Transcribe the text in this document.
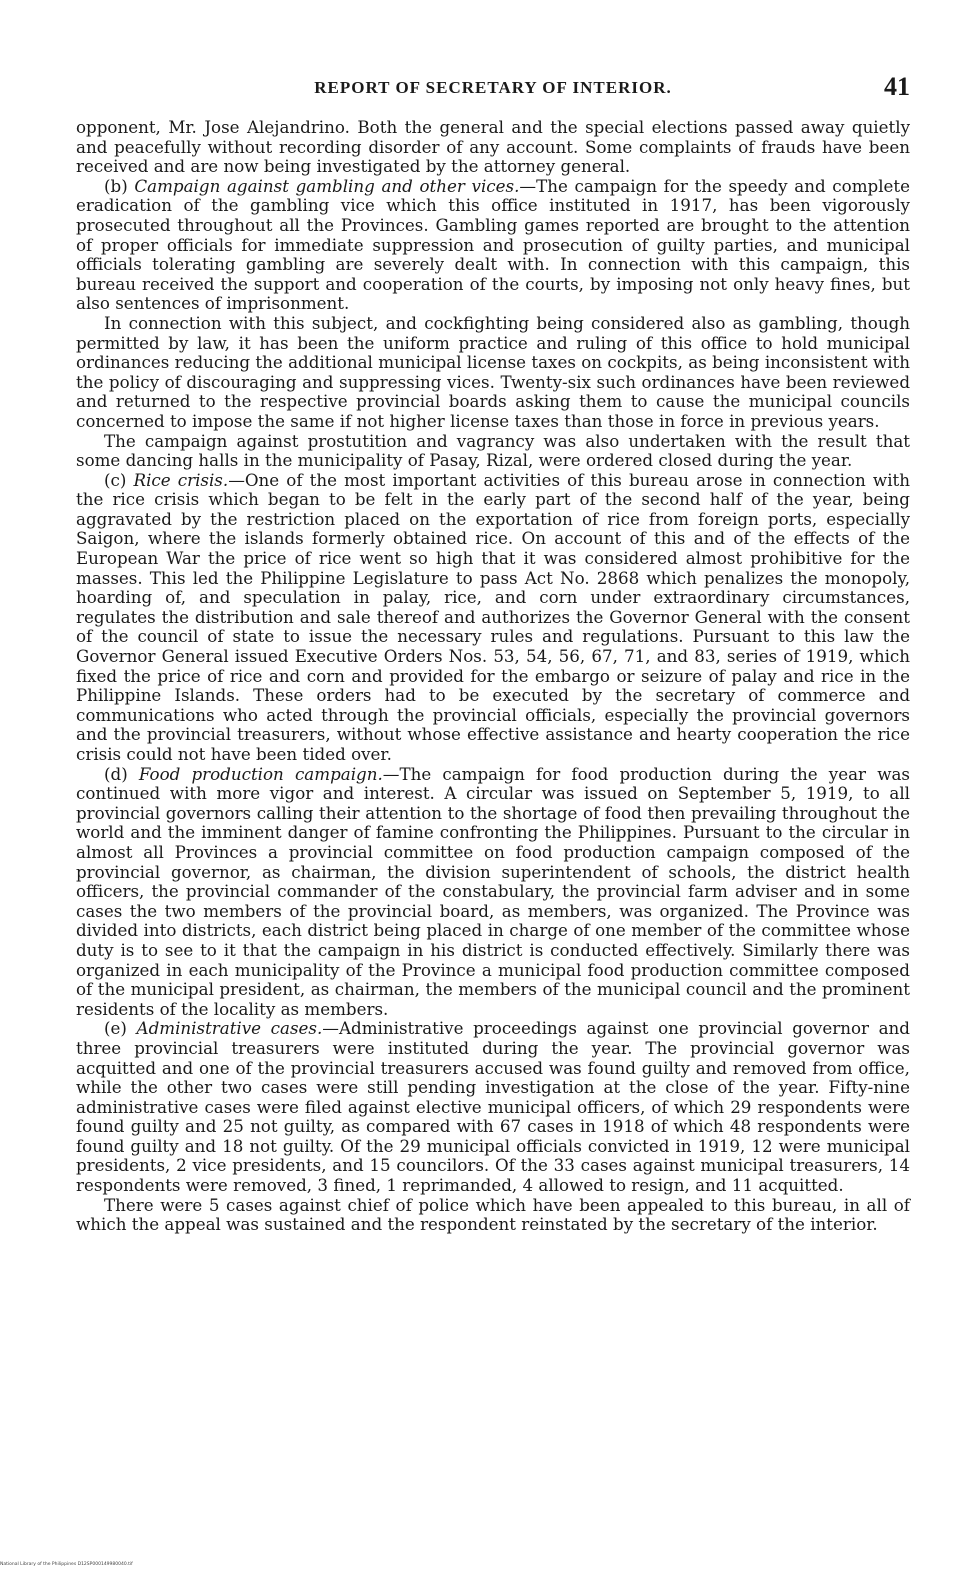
REPORT OF SECRETARY OF INTERIOR.	41

opponent, Mr. Jose Alejandrino. Both the general and the special elections passed away quietly and peacefully without recording disorder of any account. Some complaints of frauds have been received and are now being investigated by the attorney general.

(b) Campaign against gambling and other vices.—The campaign for the speedy and complete eradication of the gambling vice which this office instituted in 1917, has been vigorously prosecuted throughout all the Provinces. Gambling games reported are brought to the attention of proper officials for immediate suppression and prosecution of guilty parties, and municipal officials tolerating gambling are severely dealt with. In connection with this campaign, this bureau received the support and cooperation of the courts, by imposing not only heavy fines, but also sentences of imprisonment.

In connection with this subject, and cockfighting being considered also as gambling, though permitted by law, it has been the uniform practice and ruling of this office to hold municipal ordinances reducing the additional municipal license taxes on cockpits, as being inconsistent with the policy of discouraging and suppressing vices. Twenty-six such ordinances have been reviewed and returned to the respective provincial boards asking them to cause the municipal councils concerned to impose the same if not higher license taxes than those in force in previous years.

The campaign against prostutition and vagrancy was also undertaken with the result that some dancing halls in the municipality of Pasay, Rizal, were ordered closed during the year.

(c) Rice crisis.—One of the most important activities of this bureau arose in connection with the rice crisis which began to be felt in the early part of the second half of the year, being aggravated by the restriction placed on the exportation of rice from foreign ports, especially Saigon, where the islands formerly obtained rice. On account of this and of the effects of the European War the price of rice went so high that it was considered almost prohibitive for the masses. This led the Philippine Legislature to pass Act No. 2868 which penalizes the monopoly, hoarding of, and speculation in palay, rice, and corn under extraordinary circumstances, regulates the distribution and sale thereof and authorizes the Governor General with the consent of the council of state to issue the necessary rules and regulations. Pursuant to this law the Governor General issued Executive Orders Nos. 53, 54, 56, 67, 71, and 83, series of 1919, which fixed the price of rice and corn and provided for the embargo or seizure of palay and rice in the Philippine Islands. These orders had to be executed by the secretary of commerce and communications who acted through the provincial officials, especially the provincial governors and the provincial treasurers, without whose effective assistance and hearty cooperation the rice crisis could not have been tided over.

(d) Food production campaign.—The campaign for food production during the year was continued with more vigor and interest. A circular was issued on September 5, 1919, to all provincial governors calling their attention to the shortage of food then prevailing throughout the world and the imminent danger of famine confronting the Philippines. Pursuant to the circular in almost all Provinces a provincial committee on food production campaign composed of the provincial governor, as chairman, the division superintendent of schools, the district health officers, the provincial commander of the constabulary, the provincial farm adviser and in some cases the two members of the provincial board, as members, was organized. The Province was divided into districts, each district being placed in charge of one member of the committee whose duty is to see to it that the campaign in his district is conducted effectively. Similarly there was organized in each municipality of the Province a municipal food production committee composed of the municipal president, as chairman, the members of the municipal council and the prominent residents of the locality as members.

(e) Administrative cases.—Administrative proceedings against one provincial governor and three provincial treasurers were instituted during the year. The provincial governor was acquitted and one of the provincial treasurers accused was found guilty and removed from office, while the other two cases were still pending investigation at the close of the year. Fifty-nine administrative cases were filed against elective municipal officers, of which 29 respondents were found guilty and 25 not guilty, as compared with 67 cases in 1918 of which 48 respondents were found guilty and 18 not guilty. Of the 29 municipal officials convicted in 1919, 12 were municipal presidents, 2 vice presidents, and 15 councilors. Of the 33 cases against municipal treasurers, 14 respondents were removed, 3 fined, 1 reprimanded, 4 allowed to resign, and 11 acquitted.

There were 5 cases against chief of police which have been appealed to this bureau, in all of which the appeal was sustained and the respondent reinstated by the secretary of the interior.

National Library of the Philippines D12SP000149980040.tif
